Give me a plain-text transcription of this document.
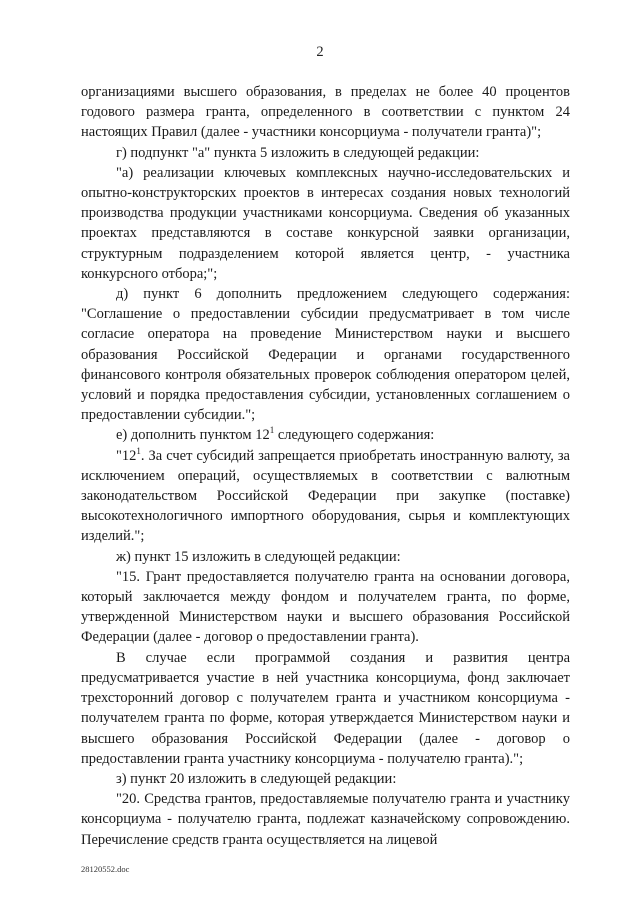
2

организациями высшего образования, в пределах не более 40 процентов годового размера гранта, определенного в соответствии с пунктом 24 настоящих Правил (далее - участники консорциума - получатели гранта)";

г) подпункт "а" пункта 5 изложить в следующей редакции:

"а) реализации ключевых комплексных научно-исследовательских и опытно-конструкторских проектов в интересах создания новых технологий производства продукции участниками консорциума. Сведения об указанных проектах представляются в составе конкурсной заявки организации, структурным подразделением которой является центр, - участника конкурсного отбора;";

д) пункт 6 дополнить предложением следующего содержания: "Соглашение о предоставлении субсидии предусматривает в том числе согласие оператора на проведение Министерством науки и высшего образования Российской Федерации и органами государственного финансового контроля обязательных проверок соблюдения оператором целей, условий и порядка предоставления субсидии, установленных соглашением о предоставлении субсидии.";

е) дополнить пунктом $12^1$ следующего содержания:

"$12^1$. За счет субсидий запрещается приобретать иностранную валюту, за исключением операций, осуществляемых в соответствии с валютным законодательством Российской Федерации при закупке (поставке) высокотехнологичного импортного оборудования, сырья и комплектующих изделий.";

ж) пункт 15 изложить в следующей редакции:

"15. Грант предоставляется получателю гранта на основании договора, который заключается между фондом и получателем гранта, по форме, утвержденной Министерством науки и высшего образования Российской Федерации (далее - договор о предоставлении гранта).

В случае если программой создания и развития центра предусматривается участие в ней участника консорциума, фонд заключает трехсторонний договор с получателем гранта и участником консорциума - получателем гранта по форме, которая утверждается Министерством науки и высшего образования Российской Федерации (далее - договор о предоставлении гранта участнику консорциума - получателю гранта).";

з) пункт 20 изложить в следующей редакции:

"20. Средства грантов, предоставляемые получателю гранта и участнику консорциума - получателю гранта, подлежат казначейскому сопровождению. Перечисление средств гранта осуществляется на лицевой

28120552.doc
